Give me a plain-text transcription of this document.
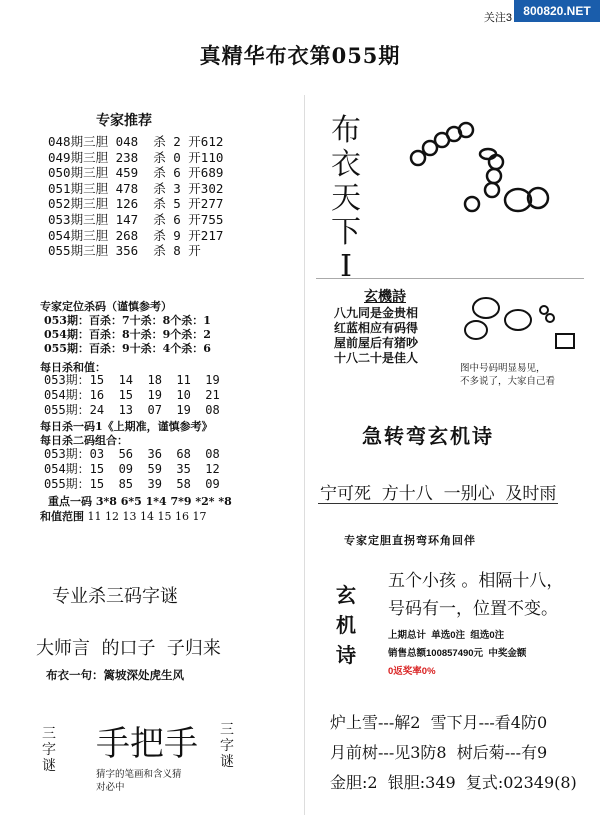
关注3 800820.NET
真精华布衣第055期
专家推荐
048期三胆 048  杀 2 开612
049期三胆 238  杀 0 开110
050期三胆 459  杀 6 开689
051期三胆 478  杀 3 开302
052期三胆 126  杀 5 开277
053期三胆 147  杀 6 开755
054期三胆 268  杀 9 开217
055期三胆 356  杀 8 开
专家定位杀码（谨慎参考）
053期：百杀：7十杀：8个杀：1
054期：百杀：8十杀：9个杀：2
055期：百杀：9十杀：4个杀：6
每日杀和值：
053期：15  14  18  11  19
054期：16  15  19  10  21
055期：24  13  07  19  08
每日杀一码1《上期准，谨慎参考》
每日杀二码组合：
053期：03  56  36  68  08
054期：15  09  59  35  12
055期：15  85  39  58  09
重点一码 3*8 6*5 1*4 7*9 *2* *8
和值范围 11 12 13 14 15 16 17
专业杀三码字谜
大师言  的口子  子归来
布衣一句：篱坡深处虎生风
三字谜
手把手 三字谜
猜字的笔画和含义猜对必中
布衣天下I
玄機詩
八九同是金贵相
红蓝相应有码得
屋前屋后有猪吵
十八二十是佳人
图中号码明显易见，
不多说了，大家自己看
急转弯玄机诗
宁可死  方十八  一别心  及时雨
专家定胆直拐弯环角回伴
玄机诗
五个小孩 。相隔十八，
号码有一，位置不变。
上期总计  单选0注  组选0注
销售总额100857490元  中奖金额
0返奖率0%
炉上雪---解2  雪下月---看4防0
月前树---见3防8  树后菊---有9
金胆:2  银胆:349  复式:02349(8)
